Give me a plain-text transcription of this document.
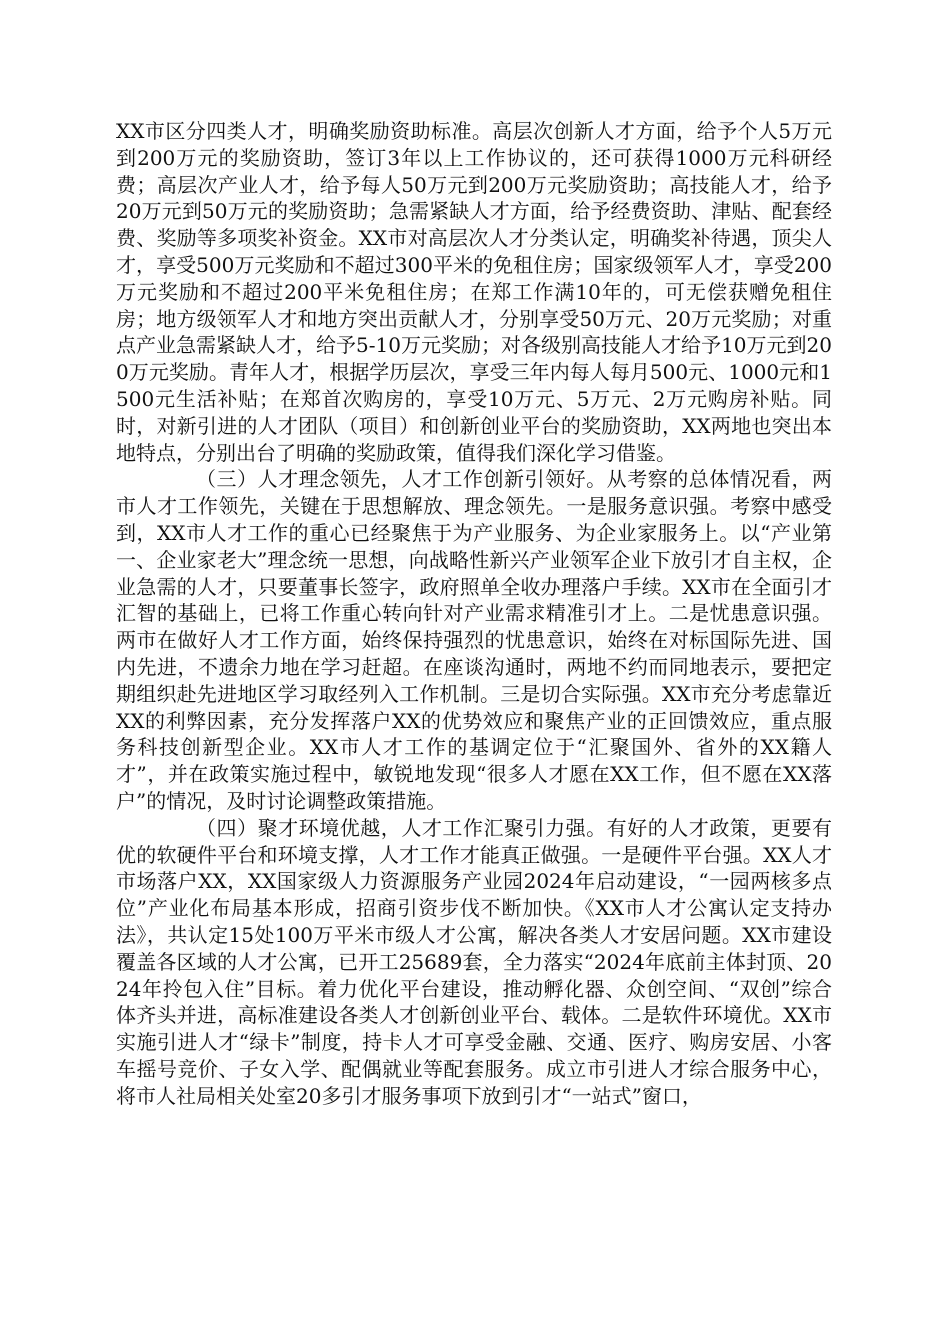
XX市区分四类人才，明确奖励资助标准。高层次创新人才方面，给予个人5万元到200万元的奖励资助，签订3年以上工作协议的，还可获得1000万元科研经费；高层次产业人才，给予每人50万元到200万元奖励资助；高技能人才，给予20万元到50万元的奖励资助；急需紧缺人才方面，给予经费资助、津贴、配套经费、奖励等多项奖补资金。XX市对高层次人才分类认定，明确奖补待遇，顶尖人才，享受500万元奖励和不超过300平米的免租住房；国家级领军人才，享受200万元奖励和不超过200平米免租住房；在郑工作满10年的，可无偿获赠免租住房；地方级领军人才和地方突出贡献人才，分别享受50万元、20万元奖励；对重点产业急需紧缺人才，给予5-10万元奖励；对各级别高技能人才给予10万元到200万元奖励。青年人才，根据学历层次，享受三年内每人每月500元、1000元和1500元生活补贴；在郑首次购房的，享受10万元、5万元、2万元购房补贴。同时，对新引进的人才团队（项目）和创新创业平台的奖励资助，XX两地也突出本地特点，分别出台了明确的奖励政策，值得我们深化学习借鉴。

（三）人才理念领先，人才工作创新引领好。从考察的总体情况看，两市人才工作领先，关键在于思想解放、理念领先。一是服务意识强。考察中感受到，XX市人才工作的重心已经聚焦于为产业服务、为企业家服务上。以“产业第一、企业家老大”理念统一思想，向战略性新兴产业领军企业下放引才自主权，企业急需的人才，只要董事长签字，政府照单全收办理落户手续。XX市在全面引才汇智的基础上，已将工作重心转向针对产业需求精准引才上。二是忧患意识强。两市在做好人才工作方面，始终保持强烈的忧患意识，始终在对标国际先进、国内先进，不遗余力地在学习赶超。在座谈沟通时，两地不约而同地表示，要把定期组织赴先进地区学习取经列入工作机制。三是切合实际强。XX市充分考虑靠近XX的利弊因素，充分发挥落户XX的优势效应和聚焦产业的正回馈效应，重点服务科技创新型企业。XX市人才工作的基调定位于“汇聚国外、省外的XX籍人才”，并在政策实施过程中，敏锐地发现“很多人才愿在XX工作，但不愿在XX落户”的情况，及时讨论调整政策措施。

（四）聚才环境优越，人才工作汇聚引力强。有好的人才政策，更要有优的软硬件平台和环境支撑，人才工作才能真正做强。一是硬件平台强。XX人才市场落户XX，XX国家级人力资源服务产业园2024年启动建设，“一园两核多点位”产业化布局基本形成，招商引资步伐不断加快。《XX市人才公寓认定支持办法》，共认定15处100万平米市级人才公寓，解决各类人才安居问题。XX市建设覆盖各区域的人才公寓，已开工25689套，全力落实“2024年底前主体封顶、2024年拎包入住”目标。着力优化平台建设，推动孵化器、众创空间、“双创”综合体齐头并进，高标准建设各类人才创新创业平台、载体。二是软件环境优。XX市实施引进人才“绿卡”制度，持卡人才可享受金融、交通、医疗、购房安居、小客车摇号竞价、子女入学、配偶就业等配套服务。成立市引进人才综合服务中心，将市人社局相关处室20多引才服务事项下放到引才“一站式”窗口，
